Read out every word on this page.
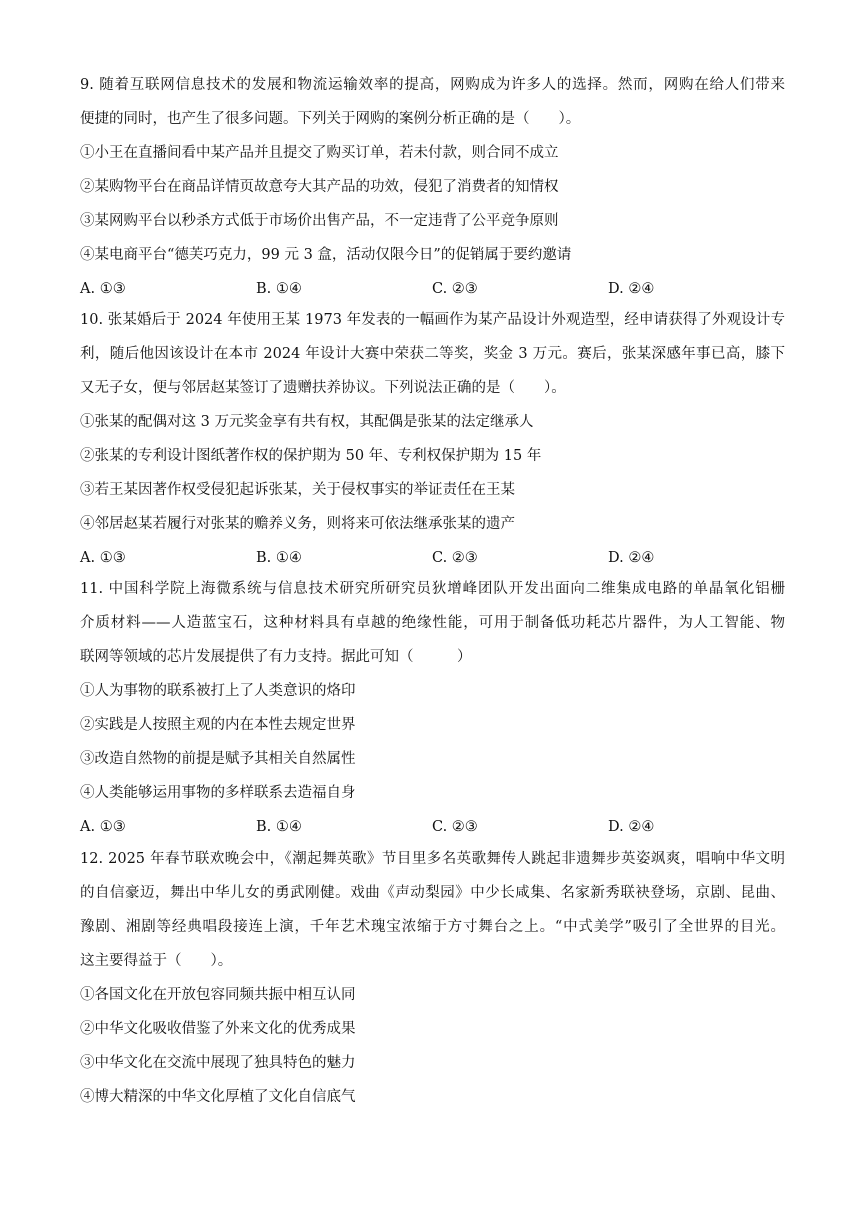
9. 随着互联网信息技术的发展和物流运输效率的提高，网购成为许多人的选择。然而，网购在给人们带来
便捷的同时，也产生了很多问题。下列关于网购的案例分析正确的是（　　）。
①小王在直播间看中某产品并且提交了购买订单，若未付款，则合同不成立
②某购物平台在商品详情页故意夸大其产品的功效，侵犯了消费者的知情权
③某网购平台以秒杀方式低于市场价出售产品，不一定违背了公平竞争原则
④某电商平台“德芙巧克力，99 元 3 盒，活动仅限今日”的促销属于要约邀请
A. ①③	B. ①④	C. ②③	D. ②④
10. 张某婚后于 2024 年使用王某 1973 年发表的一幅画作为某产品设计外观造型，经申请获得了外观设计专
利，随后他因该设计在本市 2024 年设计大赛中荣获二等奖，奖金 3 万元。赛后，张某深感年事已高，膝下
又无子女，便与邻居赵某签订了遗赠扶养协议。下列说法正确的是（　　）。
①张某的配偶对这 3 万元奖金享有共有权，其配偶是张某的法定继承人
②张某的专利设计图纸著作权的保护期为 50 年、专利权保护期为 15 年
③若王某因著作权受侵犯起诉张某，关于侵权事实的举证责任在王某
④邻居赵某若履行对张某的赡养义务，则将来可依法继承张某的遗产
A. ①③	B. ①④	C. ②③	D. ②④
11. 中国科学院上海微系统与信息技术研究所研究员狄增峰团队开发出面向二维集成电路的单晶氧化铝栅
介质材料——人造蓝宝石，这种材料具有卓越的绝缘性能，可用于制备低功耗芯片器件，为人工智能、物
联网等领域的芯片发展提供了有力支持。据此可知（　　　）
①人为事物的联系被打上了人类意识的烙印
②实践是人按照主观的内在本性去规定世界
③改造自然物的前提是赋予其相关自然属性
④人类能够运用事物的多样联系去造福自身
A. ①③	B. ①④	C. ②③	D. ②④
12. 2025 年春节联欢晚会中，《潮起舞英歌》节目里多名英歌舞传人跳起非遗舞步英姿飒爽，唱响中华文明
的自信豪迈，舞出中华儿女的勇武刚健。戏曲《声动梨园》中少长咸集、名家新秀联袂登场，京剧、昆曲、
豫剧、湘剧等经典唱段接连上演，千年艺术瑰宝浓缩于方寸舞台之上。“中式美学”吸引了全世界的目光。
这主要得益于（　　）。
①各国文化在开放包容同频共振中相互认同
②中华文化吸收借鉴了外来文化的优秀成果
③中华文化在交流中展现了独具特色的魅力
④博大精深的中华文化厚植了文化自信底气
